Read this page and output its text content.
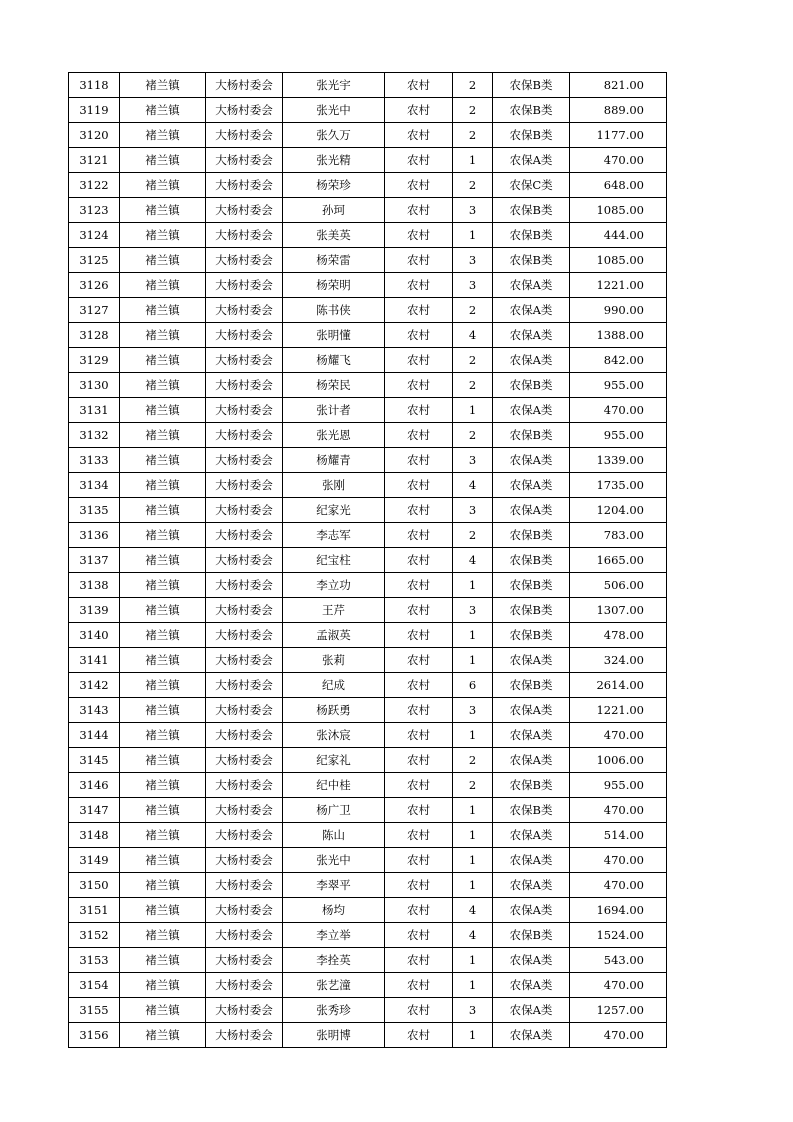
3118	褚兰镇	大杨村委会	张光宇	农村	2	农保B类	821.00
3119	褚兰镇	大杨村委会	张光中	农村	2	农保B类	889.00
3120	褚兰镇	大杨村委会	张久万	农村	2	农保B类	1177.00
3121	褚兰镇	大杨村委会	张光精	农村	1	农保A类	470.00
3122	褚兰镇	大杨村委会	杨荣珍	农村	2	农保C类	648.00
3123	褚兰镇	大杨村委会	孙珂	农村	3	农保B类	1085.00
3124	褚兰镇	大杨村委会	张美英	农村	1	农保B类	444.00
3125	褚兰镇	大杨村委会	杨荣雷	农村	3	农保B类	1085.00
3126	褚兰镇	大杨村委会	杨荣明	农村	3	农保A类	1221.00
3127	褚兰镇	大杨村委会	陈书侠	农村	2	农保A类	990.00
3128	褚兰镇	大杨村委会	张明懂	农村	4	农保A类	1388.00
3129	褚兰镇	大杨村委会	杨耀飞	农村	2	农保A类	842.00
3130	褚兰镇	大杨村委会	杨荣民	农村	2	农保B类	955.00
3131	褚兰镇	大杨村委会	张计者	农村	1	农保A类	470.00
3132	褚兰镇	大杨村委会	张光恩	农村	2	农保B类	955.00
3133	褚兰镇	大杨村委会	杨耀青	农村	3	农保A类	1339.00
3134	褚兰镇	大杨村委会	张刚	农村	4	农保A类	1735.00
3135	褚兰镇	大杨村委会	纪家光	农村	3	农保A类	1204.00
3136	褚兰镇	大杨村委会	李志军	农村	2	农保B类	783.00
3137	褚兰镇	大杨村委会	纪宝柱	农村	4	农保B类	1665.00
3138	褚兰镇	大杨村委会	李立功	农村	1	农保B类	506.00
3139	褚兰镇	大杨村委会	王芹	农村	3	农保B类	1307.00
3140	褚兰镇	大杨村委会	孟淑英	农村	1	农保B类	478.00
3141	褚兰镇	大杨村委会	张莉	农村	1	农保A类	324.00
3142	褚兰镇	大杨村委会	纪成	农村	6	农保B类	2614.00
3143	褚兰镇	大杨村委会	杨跃勇	农村	3	农保A类	1221.00
3144	褚兰镇	大杨村委会	张沐宸	农村	1	农保A类	470.00
3145	褚兰镇	大杨村委会	纪家礼	农村	2	农保A类	1006.00
3146	褚兰镇	大杨村委会	纪中桂	农村	2	农保B类	955.00
3147	褚兰镇	大杨村委会	杨广卫	农村	1	农保B类	470.00
3148	褚兰镇	大杨村委会	陈山	农村	1	农保A类	514.00
3149	褚兰镇	大杨村委会	张光中	农村	1	农保A类	470.00
3150	褚兰镇	大杨村委会	李翠平	农村	1	农保A类	470.00
3151	褚兰镇	大杨村委会	杨均	农村	4	农保A类	1694.00
3152	褚兰镇	大杨村委会	李立举	农村	4	农保B类	1524.00
3153	褚兰镇	大杨村委会	李拴英	农村	1	农保A类	543.00
3154	褚兰镇	大杨村委会	张艺潼	农村	1	农保A类	470.00
3155	褚兰镇	大杨村委会	张秀珍	农村	3	农保A类	1257.00
3156	褚兰镇	大杨村委会	张明博	农村	1	农保A类	470.00
